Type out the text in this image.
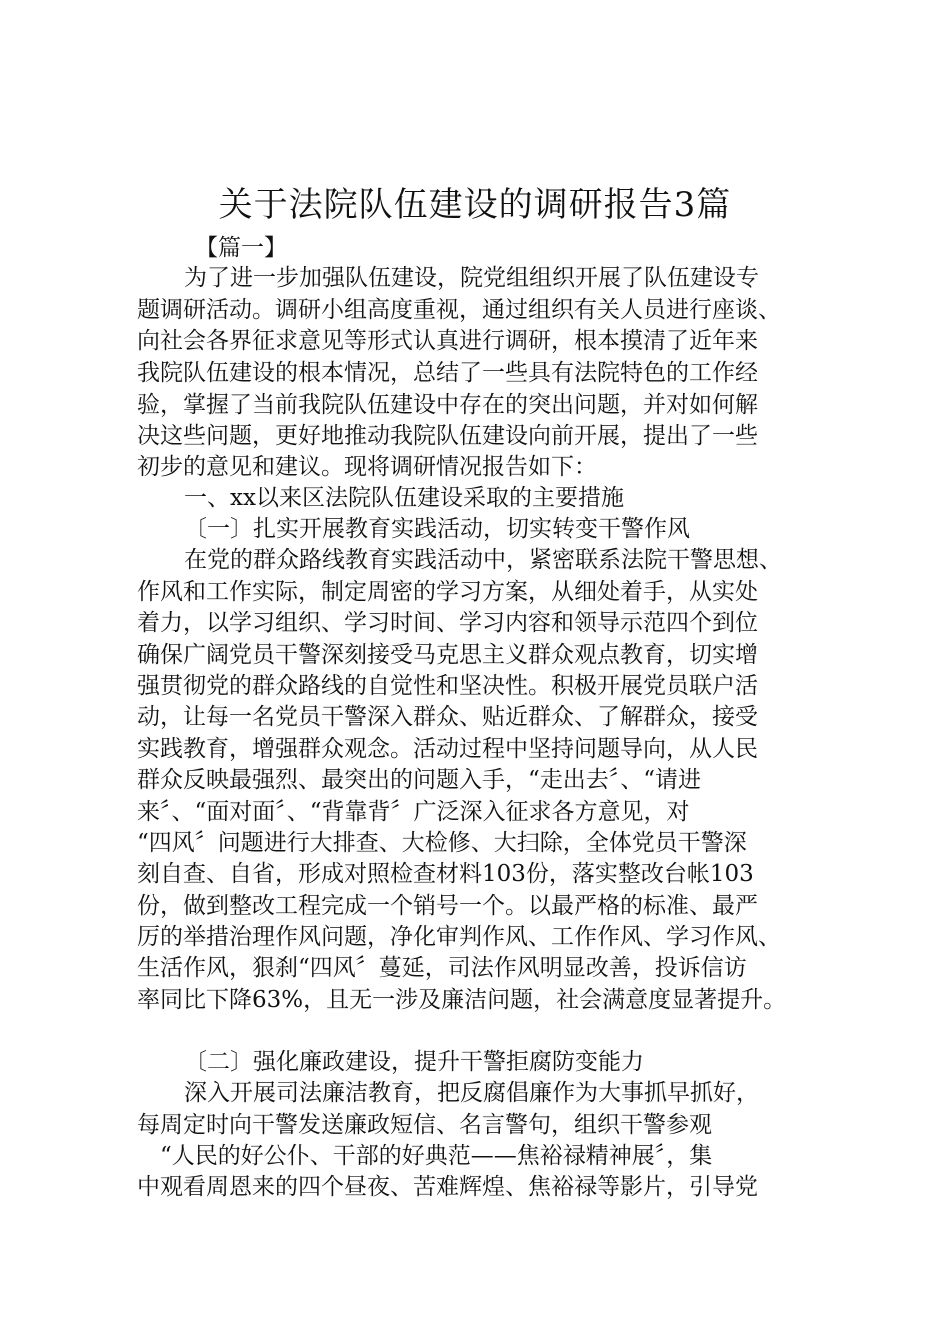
关于法院队伍建设的调研报告3篇
【篇一】
为了进一步加强队伍建设，院党组组织开展了队伍建设专
题调研活动。调研小组高度重视，通过组织有关人员进行座谈、
向社会各界征求意见等形式认真进行调研，根本摸清了近年来
我院队伍建设的根本情况，总结了一些具有法院特色的工作经
验，掌握了当前我院队伍建设中存在的突出问题，并对如何解
决这些问题，更好地推动我院队伍建设向前开展，提出了一些
初步的意见和建议。现将调研情况报告如下：
一、xx以来区法院队伍建设采取的主要措施
〔一〕扎实开展教育实践活动，切实转变干警作风
在党的群众路线教育实践活动中，紧密联系法院干警思想、
作风和工作实际，制定周密的学习方案，从细处着手，从实处
着力，以学习组织、学习时间、学习内容和领导示范四个到位
确保广阔党员干警深刻接受马克思主义群众观点教育，切实增
强贯彻党的群众路线的自觉性和坚决性。积极开展党员联户活
动，让每一名党员干警深入群众、贴近群众、了解群众，接受
实践教育，增强群众观念。活动过程中坚持问题导向，从人民
群众反映最强烈、最突出的问题入手，“走出去〞、“请进
来〞、“面对面〞、“背靠背〞广泛深入征求各方意见，对
“四风〞问题进行大排查、大检修、大扫除，全体党员干警深
刻自查、自省，形成对照检查材料103份，落实整改台帐103
份，做到整改工程完成一个销号一个。以最严格的标准、最严
厉的举措治理作风问题，净化审判作风、工作作风、学习作风、
生活作风，狠刹“四风〞蔓延，司法作风明显改善，投诉信访
率同比下降63%，且无一涉及廉洁问题，社会满意度显著提升。
〔二〕强化廉政建设，提升干警拒腐防变能力
深入开展司法廉洁教育，把反腐倡廉作为大事抓早抓好，
每周定时向干警发送廉政短信、名言警句，组织干警参观
“人民的好公仆、干部的好典范——焦裕禄精神展〞，集
中观看周恩来的四个昼夜、苦难辉煌、焦裕禄等影片，引导党
